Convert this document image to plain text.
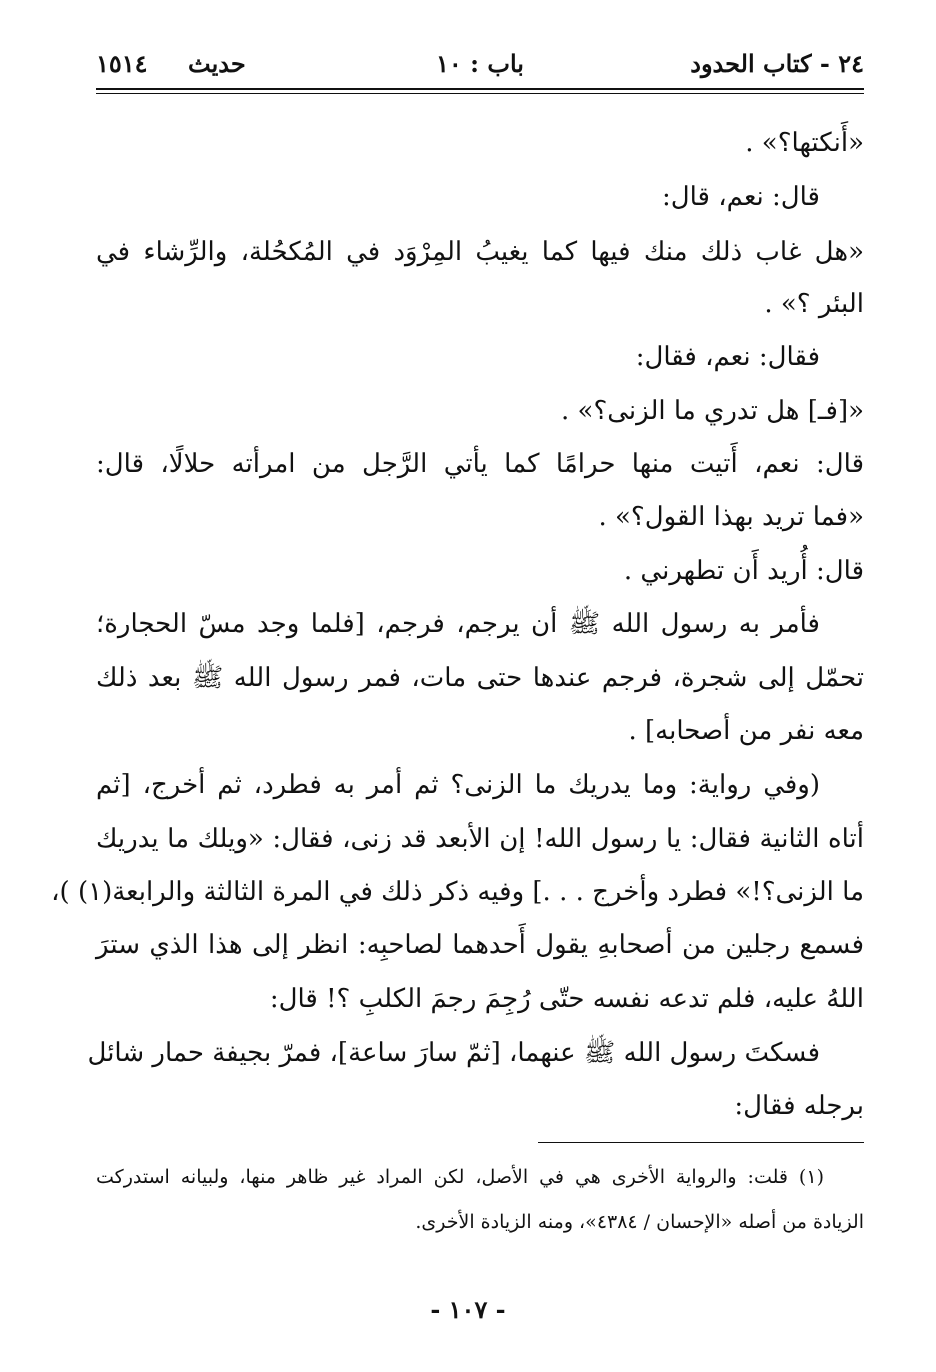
٢٤ - كتاب الحدود
باب : ١٠
حديث
١٥١٤
«أَنكتها؟» .
قال: نعم، قال:
«هل غاب ذلك منك فيها كما يغيبُ المِرْوَد في المُكحُلة، والرِّشاء في
البئر ؟» .
فقال: نعم، فقال:
«[فـ] هل تدري ما الزنى؟» .
قال: نعم، أَتيت منها حرامًا كما يأتي الرَّجل من امرأته حلالًا، قال:
«فما تريد بهذا القول؟» .
قال: أُريد أَن تطهرني .
فأمر به رسول الله ﷺ أن يرجم، فرجم، [فلما وجد مسّ الحجارة؛
تحمّل إلى شجرة، فرجم عندها حتى مات، فمر رسول الله ﷺ بعد ذلك
معه نفر من أصحابه] .
(وفي رواية: وما يدريك ما الزنى؟ ثم أمر به فطرد، ثم أخرج، [ثم
أتاه الثانية فقال: يا رسول الله! إن الأبعد قد زنى، فقال: «ويلك ما يدريك
ما الزنى؟!» فطرد وأخرج . . .] وفيه ذكر ذلك في المرة الثالثة والرابعة(١) )،
فسمع رجلين من أصحابهِ يقول أَحدهما لصاحبِه: انظر إلى هذا الذي سترَ
اللهُ عليه، فلم تدعه نفسه حتّى رُجِمَ رجمَ الكلبِ ؟! قال:
فسكتَ رسول الله ﷺ عنهما، [ثمّ سارَ ساعة]، فمرّ بجيفة حمار شائل
برجله فقال:
(١) قلت: والرواية الأخرى هي في الأصل، لكن المراد غير ظاهر منها، ولبيانه استدركت
الزيادة من أصله «الإحسان / ٤٣٨٤»، ومنه الزيادة الأخرى.
- ١٠٧ -
